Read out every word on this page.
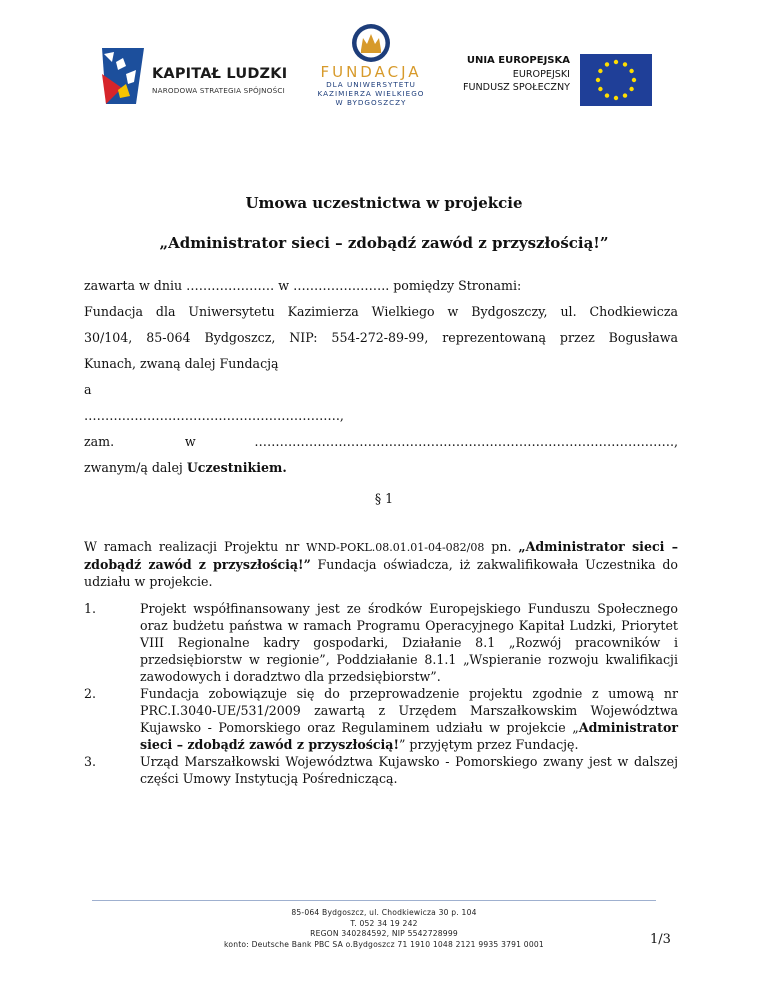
KAPITAŁ LUDZKI
NARODOWA STRATEGIA SPÓJNOŚCI
FUNDACJA
DLA UNIWERSYTETU
KAZIMIERZA WIELKIEGO
W BYDGOSZCZY
UNIA EUROPEJSKA
EUROPEJSKI
FUNDUSZ SPOŁECZNY
Umowa uczestnictwa w projekcie
„Administrator sieci – zdobądź zawód z przyszłością!”
zawarta w dniu ………………… w ………………….. pomiędzy Stronami:
Fundacja dla Uniwersytetu Kazimierza Wielkiego w Bydgoszczy, ul. Chodkiewicza
30/104, 85-064 Bydgoszcz, NIP: 554-272-89-99, reprezentowaną przez Bogusława
Kunach, zwaną dalej Fundacją
a
…………………………………………………….,
zam.	w	……………………………………………………………………………………….,
zwanym/ą dalej Uczestnikiem.
§ 1
W ramach realizacji Projektu nr WND-POKL.08.01.01-04-082/08 pn. „Administrator sieci – zdobądź zawód z przyszłością!” Fundacja oświadcza, iż zakwalifikowała Uczestnika do udziału w projekcie.
1.	Projekt współfinansowany jest ze środków Europejskiego Funduszu Społecznego oraz budżetu państwa w ramach Programu Operacyjnego Kapitał Ludzki, Priorytet VIII Regionalne kadry gospodarki, Działanie 8.1 „Rozwój pracowników i przedsiębiorstw w regionie”, Poddziałanie 8.1.1 „Wspieranie rozwoju kwalifikacji zawodowych i doradztwo dla przedsiębiorstw”.
2.	Fundacja zobowiązuje się do przeprowadzenie projektu zgodnie z umową nr PRC.I.3040-UE/531/2009 zawartą z Urzędem Marszałkowskim Województwa Kujawsko - Pomorskiego oraz Regulaminem udziału w projekcie „Administrator sieci – zdobądź zawód z przyszłością!” przyjętym przez Fundację.
3.	Urząd Marszałkowski Województwa Kujawsko - Pomorskiego zwany jest w dalszej części Umowy Instytucją Pośredniczącą.
85-064 Bydgoszcz, ul. Chodkiewicza 30 p. 104
T. 052 34 19 242
REGON 340284592, NIP 5542728999
konto: Deutsche Bank PBC SA o.Bydgoszcz 71 1910 1048 2121 9935 3791 0001	1/3
